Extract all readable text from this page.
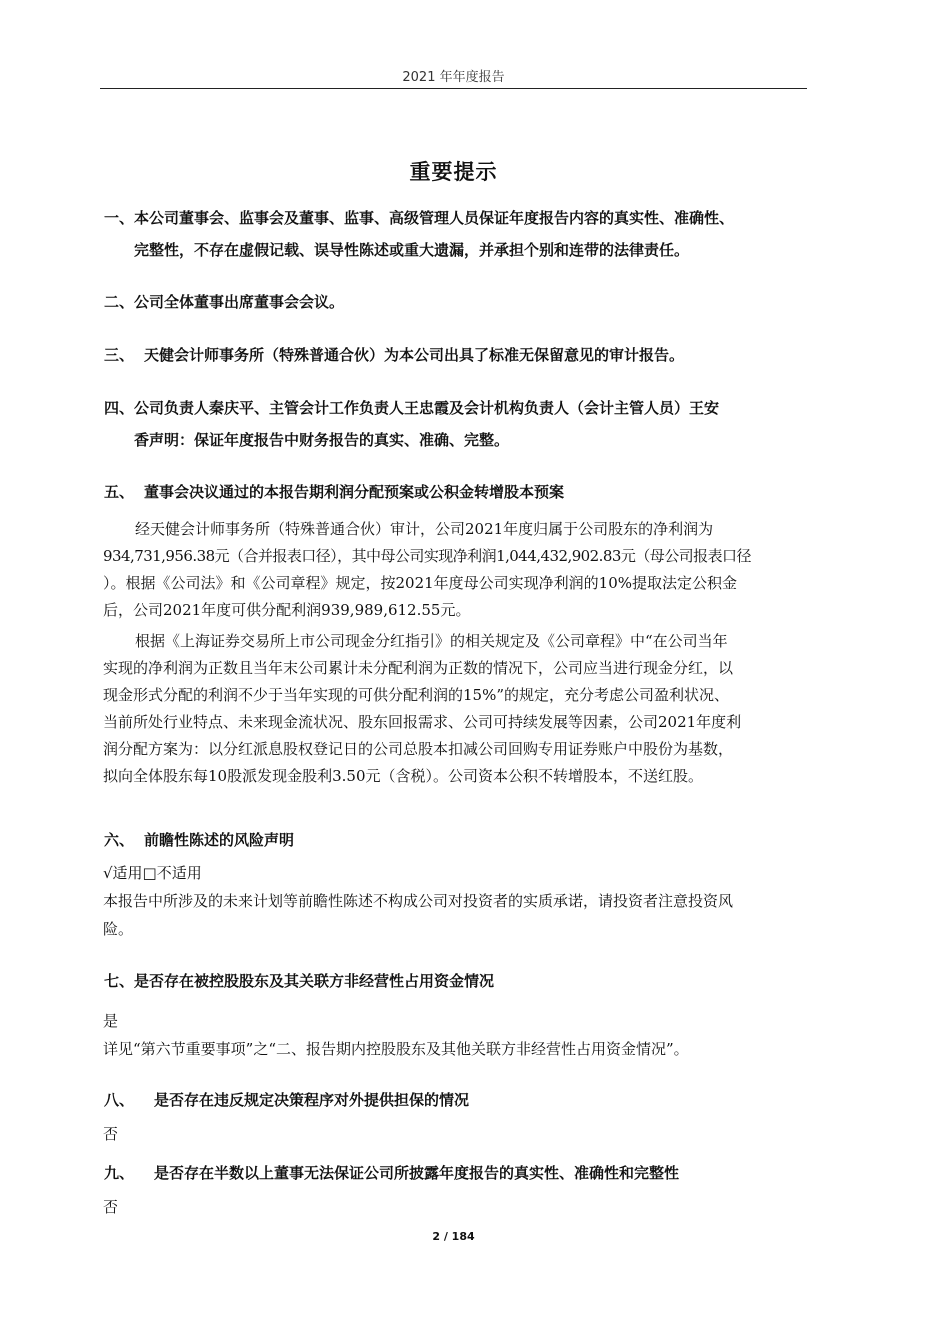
2021 年年度报告
重要提示
一、本公司董事会、监事会及董事、监事、高级管理人员保证年度报告内容的真实性、准确性、
完整性，不存在虚假记载、误导性陈述或重大遗漏，并承担个别和连带的法律责任。
二、公司全体董事出席董事会会议。
三、 天健会计师事务所（特殊普通合伙）为本公司出具了标准无保留意见的审计报告。
四、公司负责人秦庆平、主管会计工作负责人王忠霞及会计机构负责人（会计主管人员）王安
香声明：保证年度报告中财务报告的真实、准确、完整。
五、 董事会决议通过的本报告期利润分配预案或公积金转增股本预案
经天健会计师事务所（特殊普通合伙）审计，公司2021年度归属于公司股东的净利润为
934,731,956.38元（合并报表口径），其中母公司实现净利润1,044,432,902.83元（母公司报表口径
）。根据《公司法》和《公司章程》规定，按2021年度母公司实现净利润的10%提取法定公积金
后，公司2021年度可供分配利润939,989,612.55元。
根据《上海证券交易所上市公司现金分红指引》的相关规定及《公司章程》中“在公司当年
实现的净利润为正数且当年末公司累计未分配利润为正数的情况下，公司应当进行现金分红，以
现金形式分配的利润不少于当年实现的可供分配利润的15%”的规定，充分考虑公司盈利状况、
当前所处行业特点、未来现金流状况、股东回报需求、公司可持续发展等因素，公司2021年度利
润分配方案为：以分红派息股权登记日的公司总股本扣减公司回购专用证券账户中股份为基数，
拟向全体股东每10股派发现金股利3.50元（含税）。公司资本公积不转增股本，不送红股。
六、 前瞻性陈述的风险声明
√适用□不适用
本报告中所涉及的未来计划等前瞻性陈述不构成公司对投资者的实质承诺，请投资者注意投资风
险。
七、是否存在被控股股东及其关联方非经营性占用资金情况
是
详见“第六节重要事项”之“二、报告期内控股股东及其他关联方非经营性占用资金情况”。
八、 是否存在违反规定决策程序对外提供担保的情况
否
九、 是否存在半数以上董事无法保证公司所披露年度报告的真实性、准确性和完整性
否
2 / 184
